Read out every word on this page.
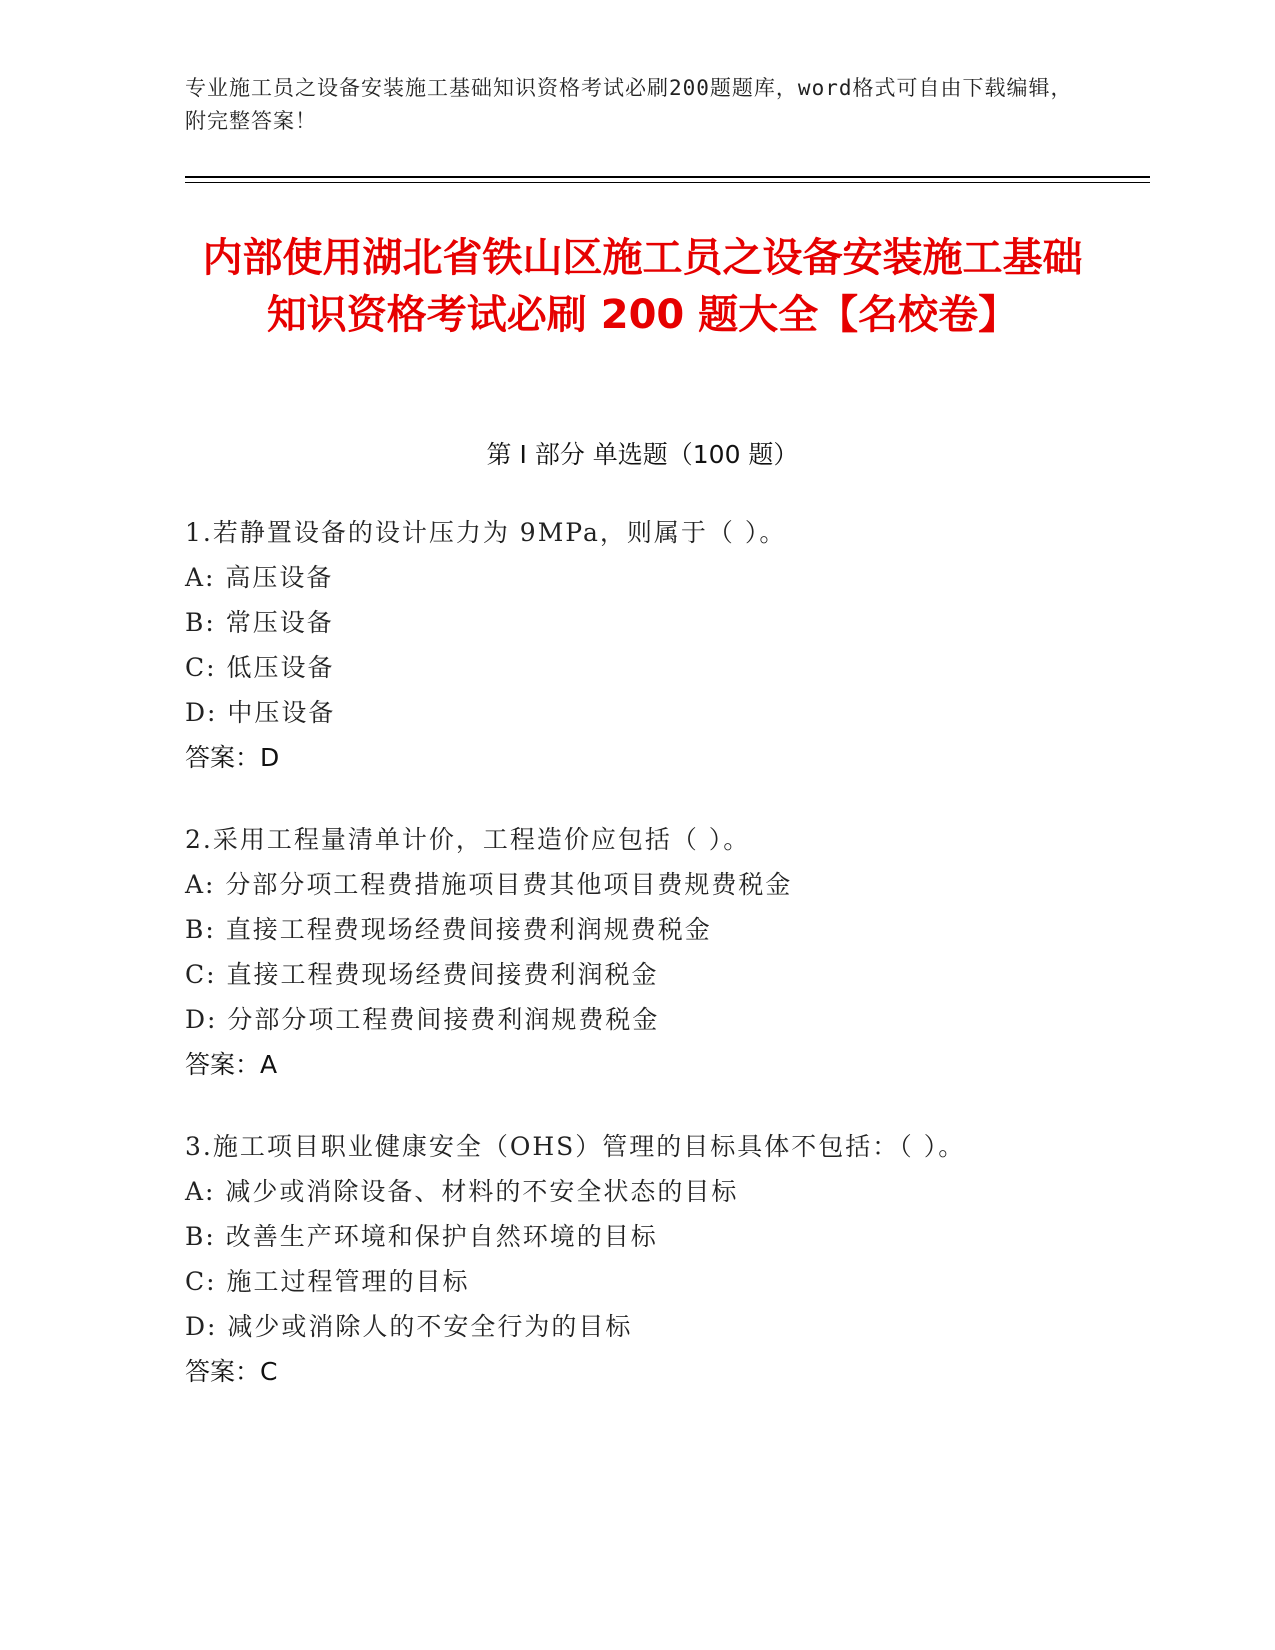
专业施工员之设备安装施工基础知识资格考试必刷200题题库，word格式可自由下载编辑，附完整答案！
内部使用湖北省铁山区施工员之设备安装施工基础知识资格考试必刷 200 题大全【名校卷】
第 I 部分 单选题（100 题）
1.若静置设备的设计压力为 9MPa，则属于（ ）。
A: 高压设备
B: 常压设备
C: 低压设备
D: 中压设备
答案：D
2.采用工程量清单计价，工程造价应包括（ ）。
A: 分部分项工程费措施项目费其他项目费规费税金
B: 直接工程费现场经费间接费利润规费税金
C: 直接工程费现场经费间接费利润税金
D: 分部分项工程费间接费利润规费税金
答案：A
3.施工项目职业健康安全（OHS）管理的目标具体不包括：（ ）。
A: 减少或消除设备、材料的不安全状态的目标
B: 改善生产环境和保护自然环境的目标
C: 施工过程管理的目标
D: 减少或消除人的不安全行为的目标
答案：C
